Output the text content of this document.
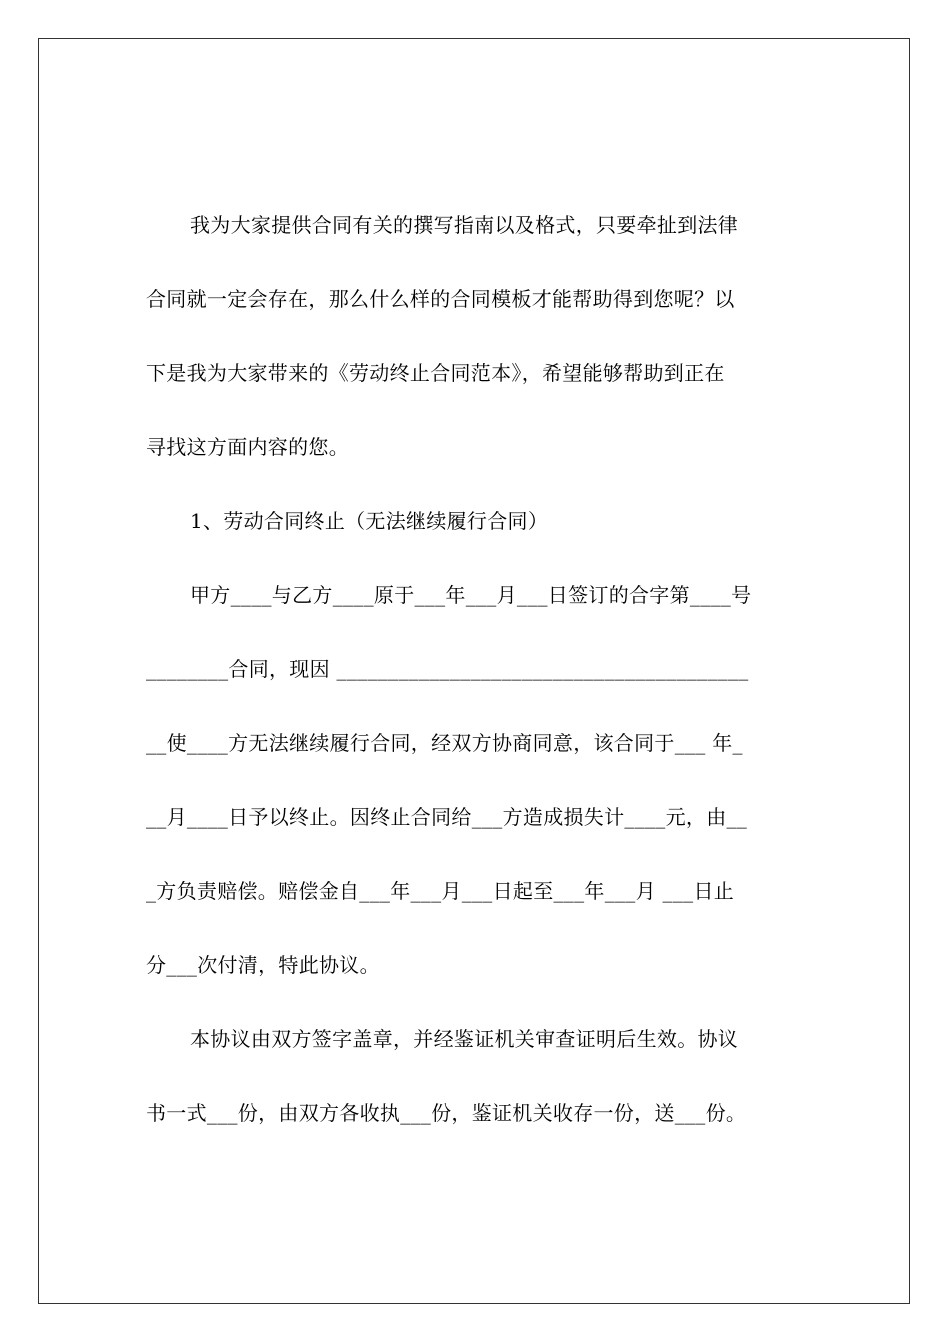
我为大家提供合同有关的撰写指南以及格式，只要牵扯到法律
合同就一定会存在，那么什么样的合同模板才能帮助得到您呢？以
下是我为大家带来的《劳动终止合同范本》，希望能够帮助到正在
寻找这方面内容的您。
1、劳动合同终止（无法继续履行合同）
甲方____与乙方____原于___年___月___日签订的合字第____号
________合同，现因 ________________________________________
__使____方无法继续履行合同，经双方协商同意，该合同于___ 年_
__月____日予以终止。因终止合同给___方造成损失计____元，由__
_方负责赔偿。赔偿金自___年___月___日起至___年___月 ___日止
分___次付清，特此协议。
本协议由双方签字盖章，并经鉴证机关审查证明后生效。协议
书一式___份，由双方各收执___份，鉴证机关收存一份，送___份。
